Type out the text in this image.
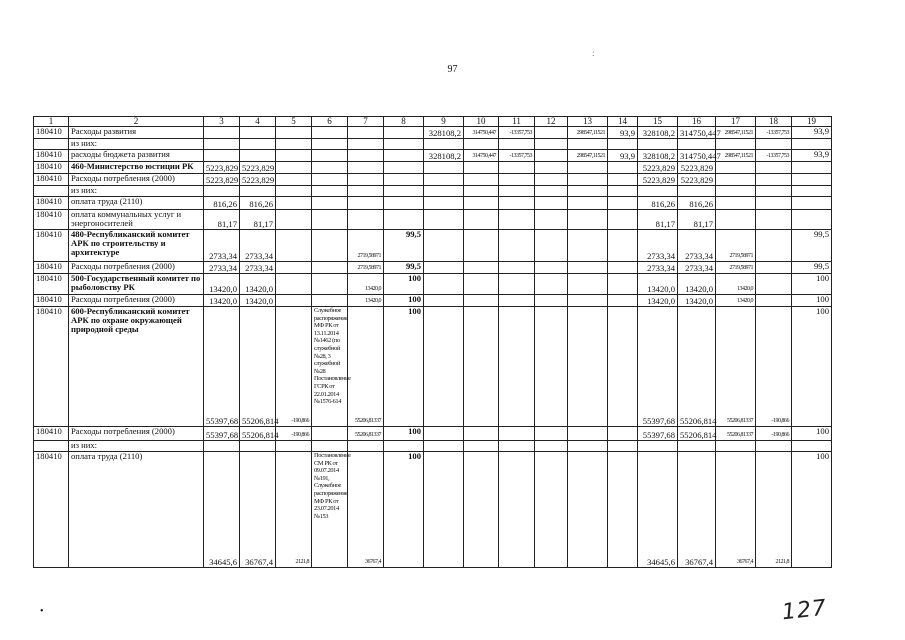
:
97
1	2	3	4	5	6	7	8	9	10	11	12	13	14	15	16	17	18	19
180410	Расходы развития							328108,2	314750,447	-13357,753		298547,11521	93,9	328108,2	314750,447	298547,11521	-13357,753	93,9
	из них:																	
180410	расходы бюджета развития							328108,2	314750,447	-13357,753		298547,11521	93,9	328108,2	314750,447	298547,11521	-13357,753	93,9
180410	460-Министерство юстиции РК	5223,829	5223,829											5223,829	5223,829			
180410	Расходы потребления (2000)	5223,829	5223,829											5223,829	5223,829			
	из них:																	
180410	оплата труда (2110)	816,26	816,26											816,26	816,26			
180410	оплата коммунальных услуг и энергоносителей	81,17	81,17											81,17	81,17			
180410	480-Республиканский комитет АРК по строительству и архитектуре	2733,34	2733,34			2719,58971	99,5							2733,34	2733,34	2719,58971		99,5
180410	Расходы потребления (2000)	2733,34	2733,34			2719,58971	99,5							2733,34	2733,34	2719,58971		99,5
180410	500-Государственный комитет по рыболовству РК	13420,0	13420,0			13420,0	100							13420,0	13420,0	13420,0		100
180410	Расходы потребления (2000)	13420,0	13420,0			13420,0	100							13420,0	13420,0	13420,0		100
180410	600-Республиканский комитет АРК по охране окружающей природной среды	55397,68	55206,814	-190,866	Служебное распоряжение МФ РК от 13.11.2014 №1462 (по служебной №28, 3 служебной №28 Постановление ГСРК от 22.01.2014 №1576-614	55206,81337	100							55397,68	55206,814	55206,81337	-190,866	100
180410	Расходы потребления (2000)	55397,68	55206,814	-190,866		55206,81337	100							55397,68	55206,814	55206,81337	-190,866	100
	из них:																	
180410	оплата труда (2110)	34645,6	36767,4	2121,8	Постановление СМ РК от 09.07.2014 №191, Служебное распоряжение МФ РК от 23.07.2014 №153	36767,4	100							34645,6	36767,4	36767,4	2121,8	100
•	127
